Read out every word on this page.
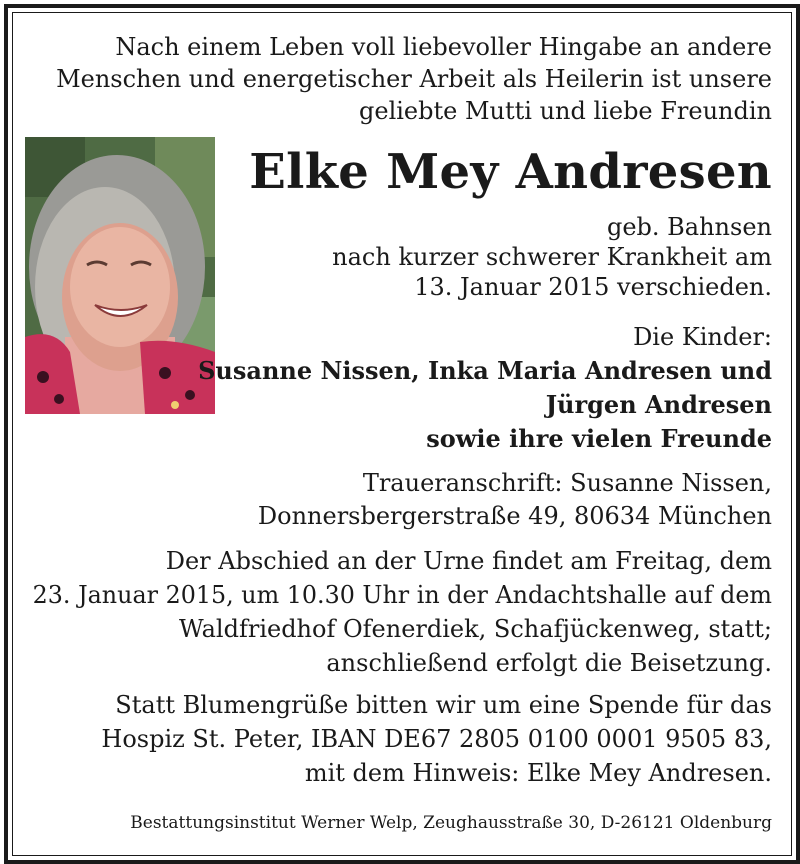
Nach einem Leben voll liebevoller Hingabe an andere
Menschen und energetischer Arbeit als Heilerin ist unsere
geliebte Mutti und liebe Freundin
Elke Mey Andresen
geb. Bahnsen
nach kurzer schwerer Krankheit am
13. Januar 2015 verschieden.
Die Kinder:
Susanne Nissen, Inka Maria Andresen und
Jürgen Andresen
sowie ihre vielen Freunde
Traueranschrift: Susanne Nissen,
Donnersbergerstraße 49, 80634 München
Der Abschied an der Urne findet am Freitag, dem
23. Januar 2015, um 10.30 Uhr in der Andachtshalle auf dem
Waldfriedhof Ofenerdiek, Schafjückenweg, statt;
anschließend erfolgt die Beisetzung.
Statt Blumengrüße bitten wir um eine Spende für das
Hospiz St. Peter, IBAN DE67 2805 0100 0001 9505 83,
mit dem Hinweis: Elke Mey Andresen.
Bestattungsinstitut Werner Welp, Zeughausstraße 30, D-26121 Oldenburg
